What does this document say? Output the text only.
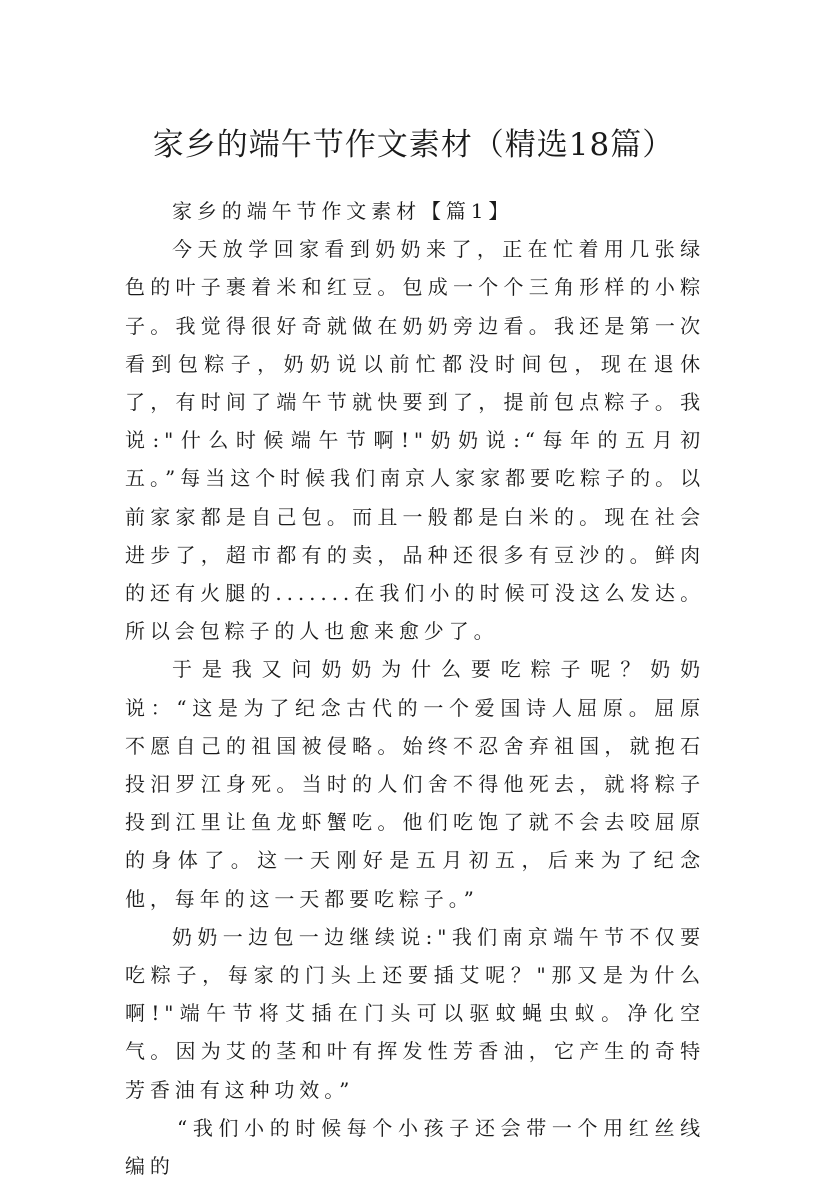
家乡的端午节作文素材（精选18篇）

家乡的端午节作文素材【篇1】

今天放学回家看到奶奶来了，正在忙着用几张绿色的叶子裹着米和红豆。包成一个个三角形样的小粽子。我觉得很好奇就做在奶奶旁边看。我还是第一次看到包粽子，奶奶说以前忙都没时间包，现在退休了，有时间了端午节就快要到了，提前包点粽子。我说:"什么时候端午节啊!"奶奶说:“每年的五月初五。”每当这个时候我们南京人家家都要吃粽子的。以前家家都是自己包。而且一般都是白米的。现在社会进步了，超市都有的卖，品种还很多有豆沙的。鲜肉的还有火腿的.......在我们小的时候可没这么发达。所以会包粽子的人也愈来愈少了。

于是我又问奶奶为什么要吃粽子呢？奶奶说：“这是为了纪念古代的一个爱国诗人屈原。屈原不愿自己的祖国被侵略。始终不忍舍弃祖国，就抱石投汨罗江身死。当时的人们舍不得他死去，就将粽子投到江里让鱼龙虾蟹吃。他们吃饱了就不会去咬屈原的身体了。这一天刚好是五月初五，后来为了纪念他，每年的这一天都要吃粽子。”

奶奶一边包一边继续说:"我们南京端午节不仅要吃粽子，每家的门头上还要插艾呢？"那又是为什么啊!"端午节将艾插在门头可以驱蚊蝇虫蚁。净化空气。因为艾的茎和叶有挥发性芳香油，它产生的奇特芳香油有这种功效。”

“我们小的时候每个小孩子还会带一个用红丝线编的
